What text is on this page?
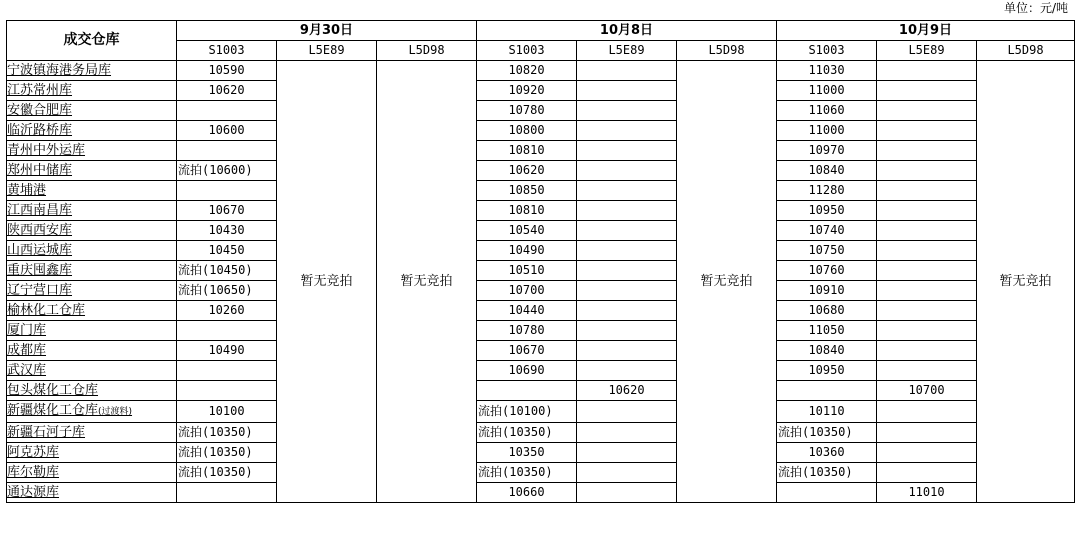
单位：元/吨
成交仓库	9月30日			10月8日			10月9日		
	S1003	L5E89	L5D98	S1003	L5E89	L5D98	S1003	L5E89	L5D98
宁波镇海港务局库	10590	暂无竞拍	暂无竞拍	10820		暂无竞拍	11030		暂无竞拍
江苏常州库	10620			10920			11000		
安徽合肥库				10780			11060		
临沂路桥库	10600			10800			11000		
青州中外运库				10810			10970		
郑州中储库	流拍(10600)			10620			10840		
黄埔港				10850			11280		
江西南昌库	10670			10810			10950		
陕西西安库	10430			10540			10740		
山西运城库	10450			10490			10750		
重庆囤鑫库	流拍(10450)			10510			10760		
辽宁营口库	流拍(10650)			10700			10910		
榆林化工仓库	10260			10440			10680		
厦门库				10780			11050		
成都库	10490			10670			10840		
武汉库				10690			10950		
包头煤化工仓库					10620			10700	
新疆煤化工仓库(过渡料)	10100			流拍(10100)			10110		
新疆石河子库	流拍(10350)			流拍(10350)			流拍(10350)		
阿克苏库	流拍(10350)			10350			10360		
库尔勒库	流拍(10350)			流拍(10350)			流拍(10350)		
通达源库				10660				11010	
